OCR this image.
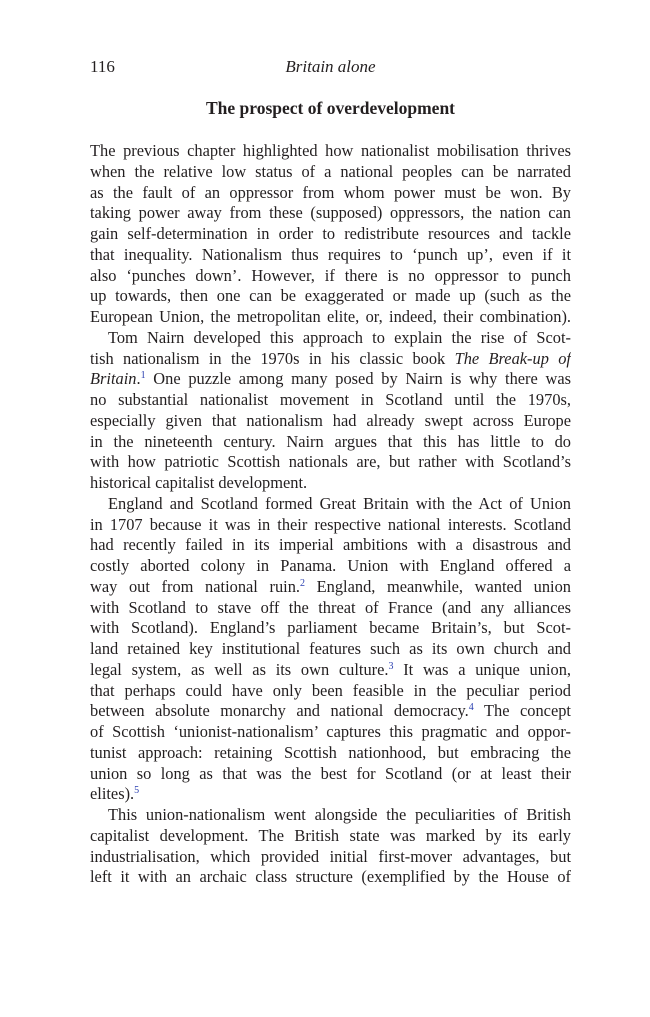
116	Britain alone
The prospect of overdevelopment
The previous chapter highlighted how nationalist mobilisation thrives
when the relative low status of a national peoples can be narrated
as the fault of an oppressor from whom power must be won. By
taking power away from these (supposed) oppressors, the nation can
gain self-determination in order to redistribute resources and tackle
that inequality. Nationalism thus requires to ‘punch up’, even if it
also ‘punches down’. However, if there is no oppressor to punch
up towards, then one can be exaggerated or made up (such as the
European Union, the metropolitan elite, or, indeed, their combination).
Tom Nairn developed this approach to explain the rise of Scot-
tish nationalism in the 1970s in his classic book The Break-up of
Britain.$^1$ One puzzle among many posed by Nairn is why there was
no substantial nationalist movement in Scotland until the 1970s,
especially given that nationalism had already swept across Europe
in the nineteenth century. Nairn argues that this has little to do
with how patriotic Scottish nationals are, but rather with Scotland’s
historical capitalist development.
England and Scotland formed Great Britain with the Act of Union
in 1707 because it was in their respective national interests. Scotland
had recently failed in its imperial ambitions with a disastrous and
costly aborted colony in Panama. Union with England offered a
way out from national ruin.$^2$ England, meanwhile, wanted union
with Scotland to stave off the threat of France (and any alliances
with Scotland). England’s parliament became Britain’s, but Scot-
land retained key institutional features such as its own church and
legal system, as well as its own culture.$^3$ It was a unique union,
that perhaps could have only been feasible in the peculiar period
between absolute monarchy and national democracy.$^4$ The concept
of Scottish ‘unionist-nationalism’ captures this pragmatic and oppor-
tunist approach: retaining Scottish nationhood, but embracing the
union so long as that was the best for Scotland (or at least their
elites).$^5$
This union-nationalism went alongside the peculiarities of British
capitalist development. The British state was marked by its early
industrialisation, which provided initial first-mover advantages, but
left it with an archaic class structure (exemplified by the House of
